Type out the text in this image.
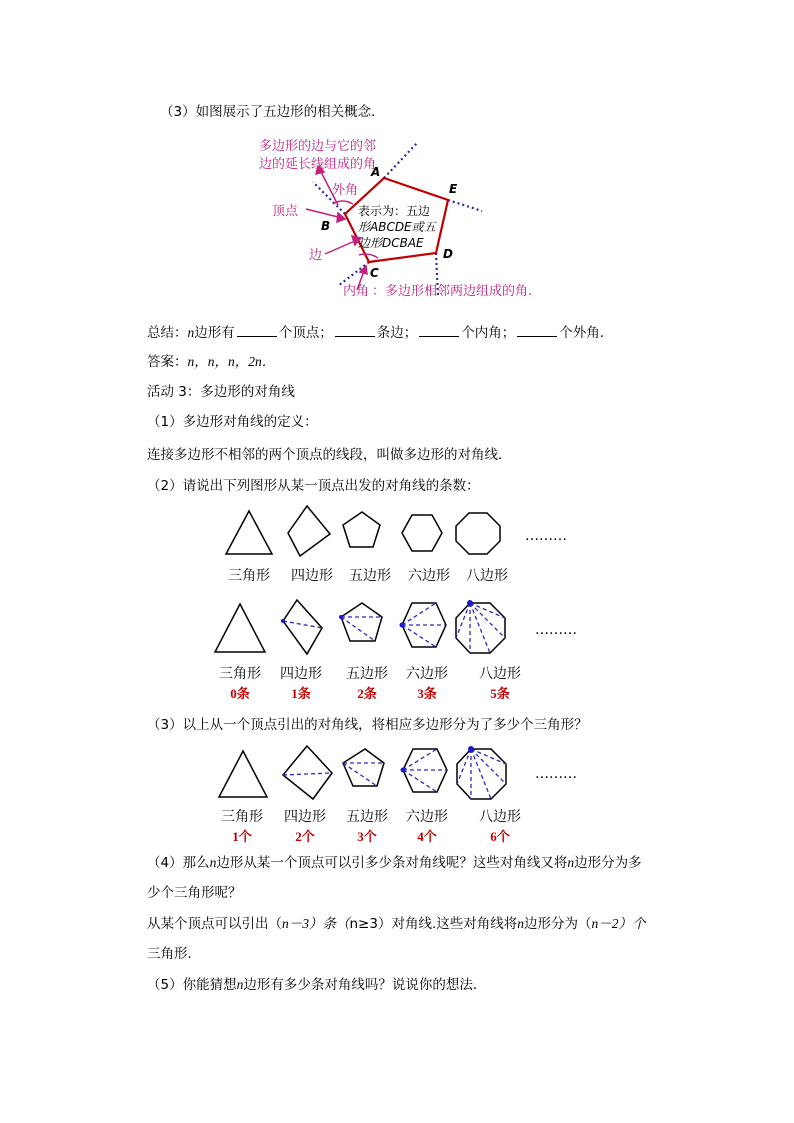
（3）如图展示了五边形的相关概念．
多边形的边与它的邻
边的延长线组成的角
外角
顶点
边
内角 ：多边形相邻两边组成的角.
表示为：五边
形ABCDE或五
边形DCBAE
A
E
B
C
D
总结：n边形有	个顶点；	条边；	个内角；	个外角．
答案：n，n，n，2n．
活动 3：多边形的对角线
（1）多边形对角线的定义：
连接多边形不相邻的两个顶点的线段，叫做多边形的对角线．
（2）请说出下列图形从某一顶点出发的对角线的条数：
………
三角形	四边形	五边形	六边形	八边形
………
三角形	四边形	五边形	六边形	八边形
0条	1条	2条	3条	5条
（3）以上从一个顶点引出的对角线，将相应多边形分为了多少个三角形？
………
三角形	四边形	五边形	六边形	八边形
1个	2个	3个	4个	6个
（4）那么n边形从某一个顶点可以引多少条对角线呢？这些对角线又将n边形分为多
少个三角形呢？
从某个顶点可以引出（n－3）条（n≥3）对角线.这些对角线将n边形分为（n－2）个
三角形．
（5）你能猜想n边形有多少条对角线吗？说说你的想法．
